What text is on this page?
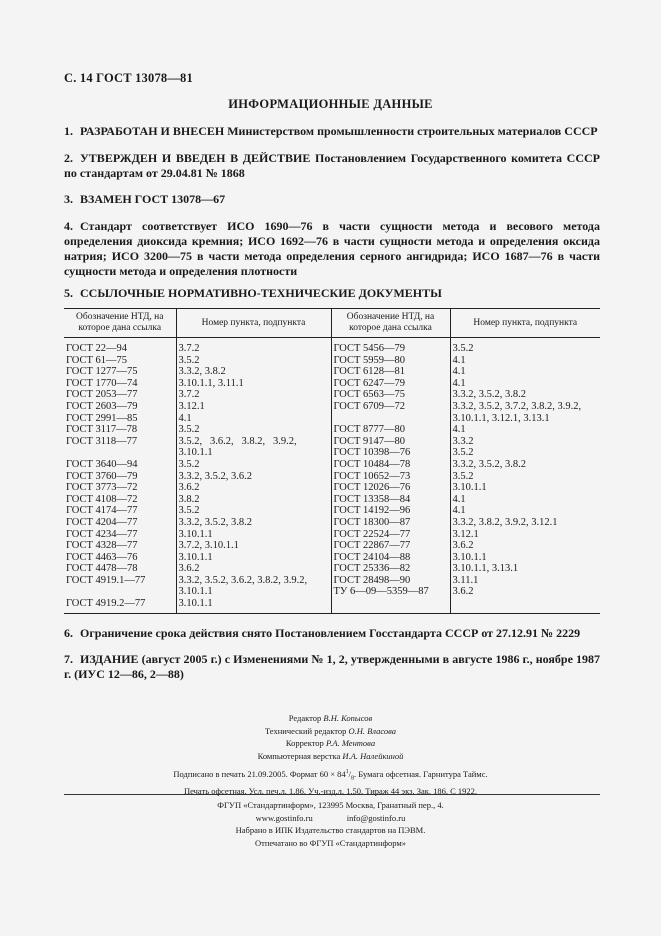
С. 14 ГОСТ 13078—81
ИНФОРМАЦИОННЫЕ ДАННЫЕ
1. РАЗРАБОТАН И ВНЕСЕН Министерством промышленности строительных материалов СССР
2. УТВЕРЖДЕН И ВВЕДЕН В ДЕЙСТВИЕ Постановлением Государственного комитета СССР по стандартам от 29.04.81 № 1868
3. ВЗАМЕН ГОСТ 13078—67
4. Стандарт соответствует ИСО 1690—76 в части сущности метода и весового метода определения диоксида кремния; ИСО 1692—76 в части сущности метода и определения оксида натрия; ИСО 3200—75 в части метода определения серного ангидрида; ИСО 1687—76 в части сущности метода и определения плотности
5. ССЫЛОЧНЫЕ НОРМАТИВНО-ТЕХНИЧЕСКИЕ ДОКУМЕНТЫ
Обозначение НТД, на которое дана ссылка	Номер пункта, подпункта	Обозначение НТД, на которое дана ссылка	Номер пункта, подпункта
ГОСТ 22—94	3.7.2	ГОСТ 5456—79	3.5.2
ГОСТ 61—75	3.5.2	ГОСТ 5959—80	4.1
ГОСТ 1277—75	3.3.2, 3.8.2	ГОСТ 6128—81	4.1
ГОСТ 1770—74	3.10.1.1, 3.11.1	ГОСТ 6247—79	4.1
ГОСТ 2053—77	3.7.2	ГОСТ 6563—75	3.3.2, 3.5.2, 3.8.2
ГОСТ 2603—79	3.12.1	ГОСТ 6709—72	3.3.2, 3.5.2, 3.7.2, 3.8.2, 3.9.2,
ГОСТ 2991—85	4.1		3.10.1.1, 3.12.1, 3.13.1
ГОСТ 3117—78	3.5.2	ГОСТ 8777—80	4.1
ГОСТ 3118—77	3.5.2,   3.6.2,   3.8.2,   3.9.2,	ГОСТ 9147—80	3.3.2
	3.10.1.1	ГОСТ 10398—76	3.5.2
ГОСТ 3640—94	3.5.2	ГОСТ 10484—78	3.3.2, 3.5.2, 3.8.2
ГОСТ 3760—79	3.3.2, 3.5.2, 3.6.2	ГОСТ 10652—73	3.5.2
ГОСТ 3773—72	3.6.2	ГОСТ 12026—76	3.10.1.1
ГОСТ 4108—72	3.8.2	ГОСТ 13358—84	4.1
ГОСТ 4174—77	3.5.2	ГОСТ 14192—96	4.1
ГОСТ 4204—77	3.3.2, 3.5.2, 3.8.2	ГОСТ 18300—87	3.3.2, 3.8.2, 3.9.2, 3.12.1
ГОСТ 4234—77	3.10.1.1	ГОСТ 22524—77	3.12.1
ГОСТ 4328—77	3.7.2, 3.10.1.1	ГОСТ 22867—77	3.6.2
ГОСТ 4463—76	3.10.1.1	ГОСТ 24104—88	3.10.1.1
ГОСТ 4478—78	3.6.2	ГОСТ 25336—82	3.10.1.1, 3.13.1
ГОСТ 4919.1—77	3.3.2, 3.5.2, 3.6.2, 3.8.2, 3.9.2,	ГОСТ 28498—90	3.11.1
	3.10.1.1	ТУ 6—09—5359—87	3.6.2
ГОСТ 4919.2—77	3.10.1.1		
6. Ограничение срока действия снято Постановлением Госстандарта СССР от 27.12.91 № 2229
7. ИЗДАНИЕ (август 2005 г.) с Изменениями № 1, 2, утвержденными в августе 1986 г., ноябре 1987 г. (ИУС 12—86, 2—88)
Редактор В.Н. Копысов
Технический редактор О.Н. Власова
Корректор Р.А. Ментова
Компьютерная верстка И.А. Налейкиной
Подписано в печать 21.09.2005. Формат $60 \times 84^1/_8$. Бумага офсетная. Гарнитура Таймс.
Печать офсетная. Усл. печ.л. 1,86. Уч.-изд.л. 1,50. Тираж 44 экз. Зак. 186. С 1922.
ФГУП «Стандартинформ», 123995 Москва, Гранатный пер., 4.
www.gostinfo.ru	info@gostinfo.ru
Набрано в ИПК Издательство стандартов на ПЭВМ.
Отпечатано во ФГУП «Стандартинформ»
